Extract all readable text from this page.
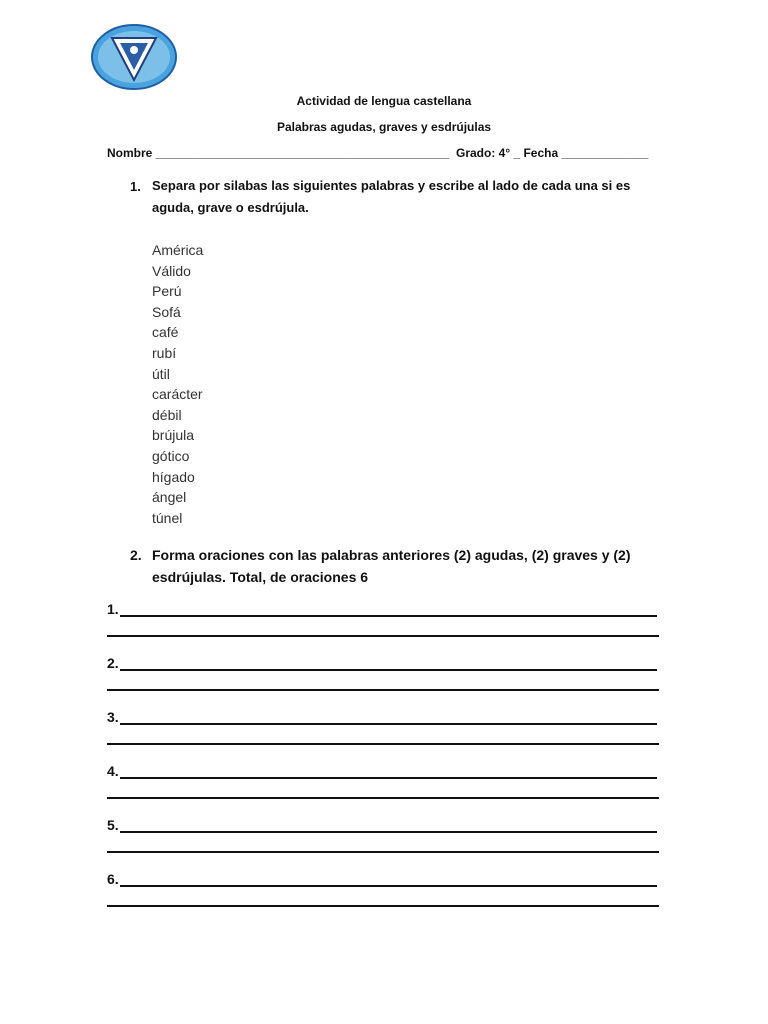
Actividad de lengua castellana
Palabras agudas, graves y esdrújulas
Nombre ____________________________________________  Grado: 4° _ Fecha _____________
1. Separa por silabas las siguientes palabras y escribe al lado de cada una si es aguda, grave o esdrújula.
América
Válido
Perú
Sofá
café
rubí
útil
carácter
débil
brújula
gótico
hígado
ángel
túnel
2. Forma oraciones con las palabras anteriores (2) agudas, (2) graves y (2) esdrújulas. Total, de oraciones 6
1.
2.
3.
4.
5.
6.
